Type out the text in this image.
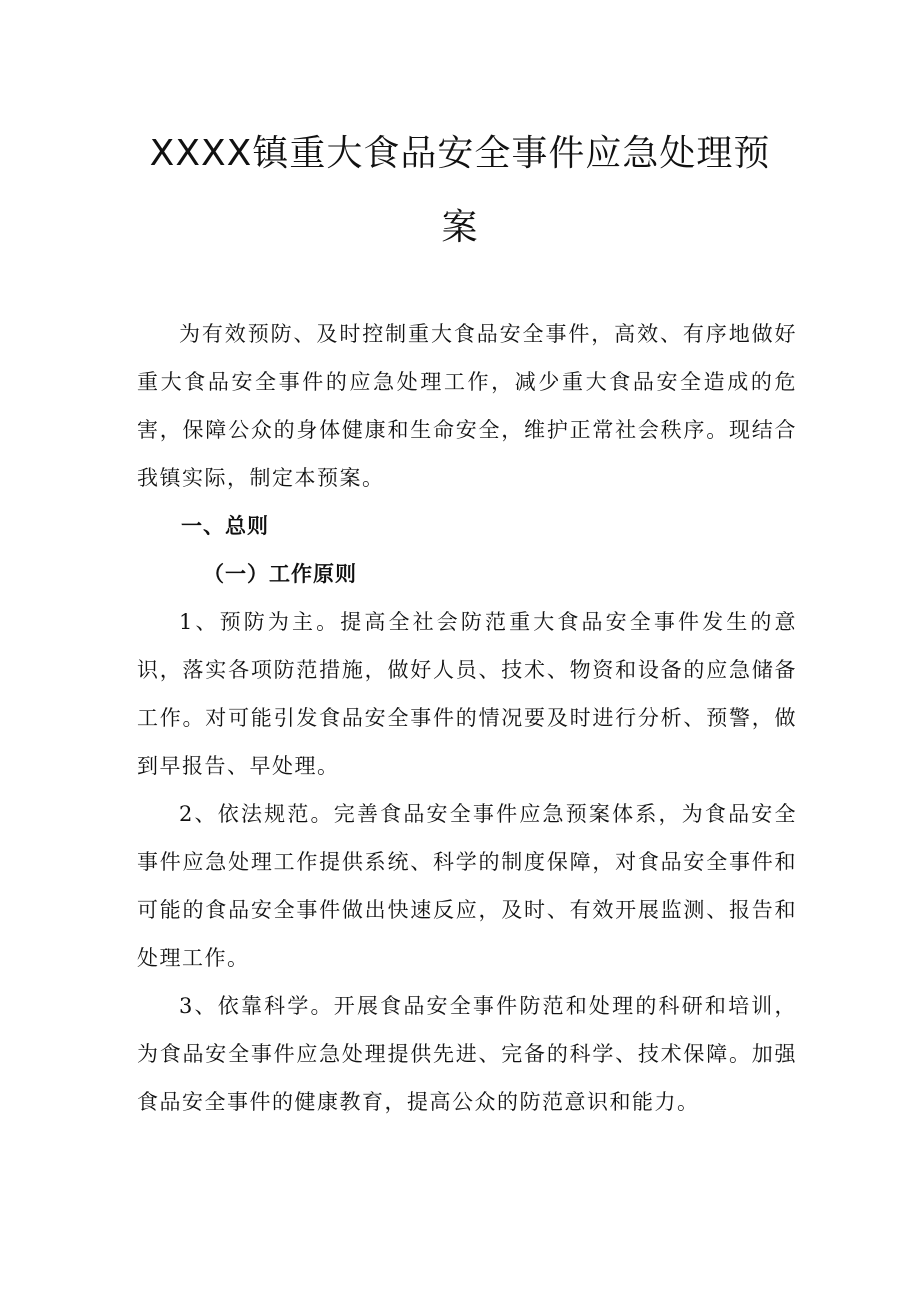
XXXX镇重大食品安全事件应急处理预
案

为有效预防、及时控制重大食品安全事件，高效、有序地做好重大食品安全事件的应急处理工作，减少重大食品安全造成的危害，保障公众的身体健康和生命安全，维护正常社会秩序。现结合我镇实际，制定本预案。

一、总则

（一）工作原则

1、预防为主。提高全社会防范重大食品安全事件发生的意识，落实各项防范措施，做好人员、技术、物资和设备的应急储备工作。对可能引发食品安全事件的情况要及时进行分析、预警，做到早报告、早处理。

2、依法规范。完善食品安全事件应急预案体系，为食品安全事件应急处理工作提供系统、科学的制度保障，对食品安全事件和可能的食品安全事件做出快速反应，及时、有效开展监测、报告和处理工作。

3、依靠科学。开展食品安全事件防范和处理的科研和培训，为食品安全事件应急处理提供先进、完备的科学、技术保障。加强食品安全事件的健康教育，提高公众的防范意识和能力。
